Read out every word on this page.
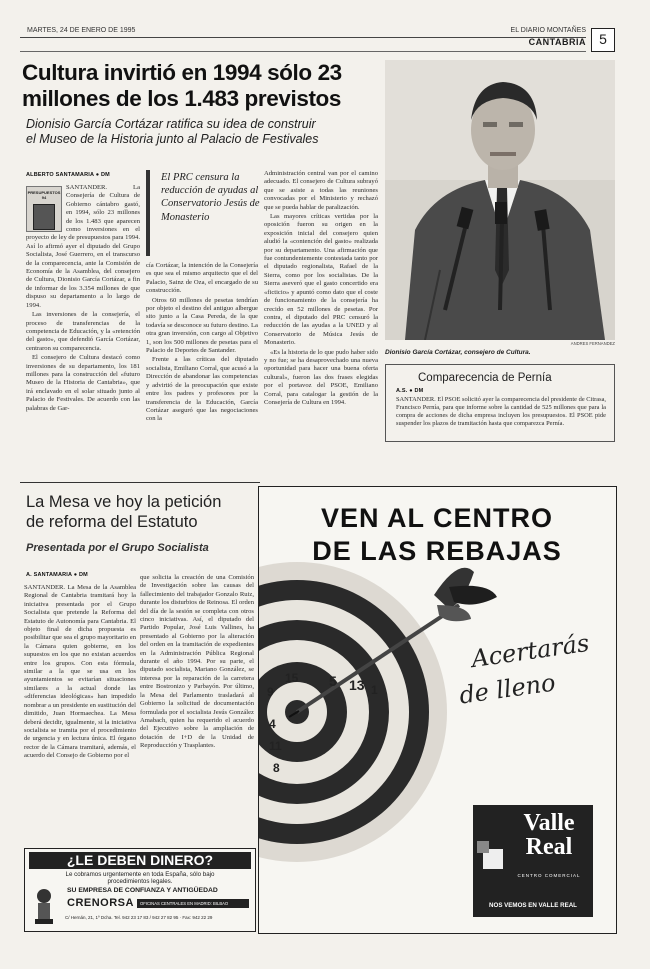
MARTES, 24 DE ENERO DE 1995	EL DIARIO MONTAÑES
CANTABRIA 5
Cultura invirtió en 1994 sólo 23
millones de los 1.483 previstos
Dionisio García Cortázar ratifica su idea de construir
el Museo de la Historia junto al Palacio de Festivales
ALBERTO SANTAMARIA ● DM
PRESUPUESTOS 94

SANTANDER. La Consejería de Cultura de Gobierno cántabro gastó, en 1994, sólo 23 millones de los 1.483 que aparecen como inversiones en el proyecto de ley de presupuestos para 1994. Así lo afirmó ayer el diputado del Grupo Socialista, José Guerrero, en el transcurso de la comparecencia, ante la Comisión de Economía de la Asamblea, del consejero de Cultura, Dionisio García Cortázar, a fin de informar de los 3.354 millones de que dispuso su departamento a lo largo de 1994.

Las inversiones de la consejería, el proceso de transferencias de la competencia de Educación, y la «retención del gasto», que defendió García Cortázar, centraron su comparecencia.

El consejero de Cultura destacó como inversiones de su departamento, los 181 millones para la construcción del «futuro Museo de la Historia de Cantabria», que irá enclavado en el solar situado junto al Palacio de Festivales. De acuerdo con las palabras de Gar-

El PRC censura la reducción de ayudas al Conservatorio Jesús de Monasterio

cía Cortázar, la intención de la Consejería es que sea el mismo arquitecto que el del Palacio, Sainz de Oza, el encargado de su construcción.

Otros 60 millones de pesetas tendrían por objeto el destino del antiguo albergue sito junto a la Casa Pereda, de la que todavía se desconoce su futuro destino. La otra gran inversión, con cargo al Objetivo 1, son los 500 millones de pesetas para el Palacio de Deportes de Santander.

Frente a las críticas del diputado socialista, Emiliano Corral, que acusó a la Dirección de abandonar las competencias y advirtió de la preocupación que existe entre los padres y profesores por la transferencia de la Educación, García Cortázar aseguró que las negociaciones con la

Administración central van por el camino adecuado. El consejero de Cultura subrayó que se asiste a todas las reuniones convocadas por el Ministerio y rechazó que se pueda hablar de paralización.

Las mayores críticas vertidas por la oposición fueron su origen en la exposición inicial del consejero quien aludió la «contención del gasto» realizada por su departamento. Una afirmación que fue contundentemente contestada tanto por el diputado regionalista, Rafael de la Sierra, como por los socialistas. De la Sierra aseveró que el gasto concertido era «ficticio» y apuntó como dato que el coste de funcionamiento de la consejería ha crecido en 52 millones de pesetas. Por contra, el diputado del PRC censuró la reducción de las ayudas a la UNED y al Conservatorio de Música Jesús de Monasterio.

«Es la historia de lo que pudo haber sido y no fue; se ha desaprovechado una nueva oportunidad para hacer una buena oferta cultural», fueron las dos frases elegidas por el portavoz del PSOE, Emiliano Corral, para catalogar la gestión de la Consejería de Cultura en 1994.

ANDRES FERNANDEZ
Dionisio García Cortázar, consejero de Cultura.
Comparecencia de Pernía
A.S. ● DM
SANTANDER. El PSOE solicitó ayer la comparecencia del presidente de Citrasa, Francisco Pernía, para que informe sobre la cantidad de 525 millones que para la compra de acciones de dicha empresa incluyen los presupuestos. El PSOE pide suspender los plazos de tramitación hasta que comparezca Pernía.
La Mesa ve hoy la petición
de reforma del Estatuto
Presentada por el Grupo Socialista
A. SANTAMARIA ● DM

SANTANDER. La Mesa de la Asamblea Regional de Cantabria tramitará hoy la iniciativa presentada por el Grupo Socialista que pretende la Reforma del Estatuto de Autonomía para Cantabria. El objeto final de dicha propuesta es posibilitar que sea el grupo mayoritario en la Cámara quien gobierne, en los supuestos en los que no existan acuerdos entre los grupos. Con esta fórmula, similar a la que se usa en los ayuntamientos se evitarían situaciones similares a la actual donde las «diferencias ideológicas» han impedido nombrar a un presidente en sustitución del dimitido, Juan Hormaechea. La Mesa deberá decidir, igualmente, si la iniciativa socialista se tramita por el procedimiento de urgencia y en lectura única. El órgano rector de la Cámara tramitará, además, el acuerdo del Consejo de Gobierno por el

que solicita la creación de una Comisión de Investigación sobre las causas del fallecimiento del trabajador Gonzalo Ruiz, durante los disturbios de Reinosa. El orden del día de la sesión se completa con otros cinco iniciativas. Así, el diputado del Partido Popular, José Luis Vallines, ha presentado al Gobierno por la alteración del orden en la tramitación de expedientes en la Administración Pública Regional durante el año 1994. Por su parte, el diputado socialista, Mariano González, se interesa por la reparación de la carretera entre Bostronizo y Parbayón. Por último, la Mesa del Parlamento trasladará al Gobierno la solicitud de documentación formulada por el socialista Jesús González Amabach, quien ha requerido el acuerdo del Ejecutivo sobre la ampliación de dotación de I+D de la Unidad de Reproducción y Trasplantes.

¿LE DEBEN DINERO?
Le cobramos urgentemente en toda España, sólo bajo
procedimientos legales.
SU EMPRESA DE CONFIANZA Y ANTIGÜEDAD
CRENORSA	OFICINAS CENTRALES EN MADRID: BILBAO
C/ Hernán, 21, 1º Dcha. Tel. 942 23 17 83 / 942 27 82 95 · Fax: 942 22 29
VEN AL CENTRO
DE LAS REBAJAS
9
15 5 13 1
4
11
8
Acertarás
de lleno
Valle
Real
CENTRO COMERCIAL
NOS VEMOS EN VALLE REAL
